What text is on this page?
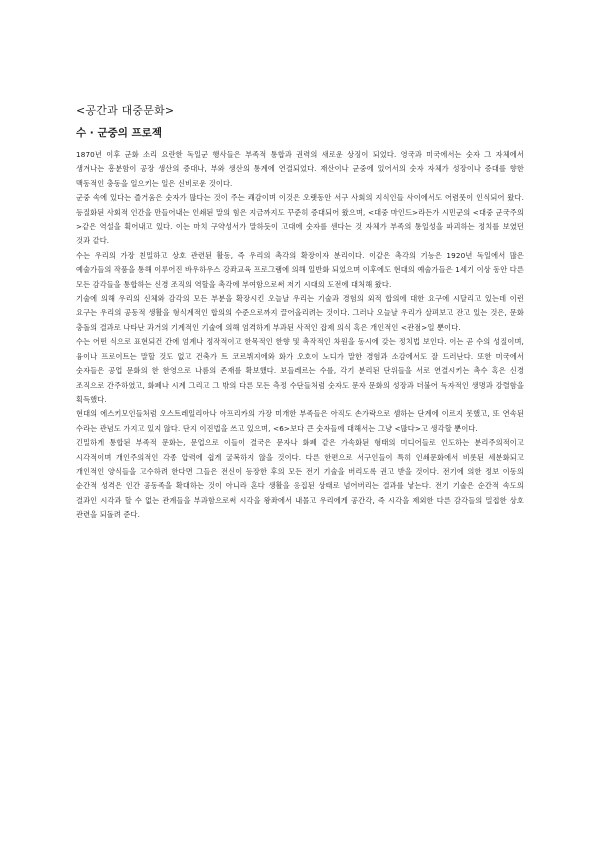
<공간과 대중문화>
수 · 군중의 프로젝

1870년 이후 군화 소리 요란한 독일군 행사들은 부족적 통합과 권력의 새로운 상징이 되었다. 영국과 미국에서는 숫자 그 자체에서 생겨나는 흥분함이 공장 생산의 증대나, 부와 생산의 통계에 연결되었다. 재산이나 군중에 있어서의 숫자 자체가 성장이나 증대를 향한 맥동적인 충동을 일으키는 일은 신비로운 것이다.

군중 속에 있다는 즐거움은 숫자가 많다는 것이 주는 쾌감이며 이것은 오랫동안 서구 사회의 지식인들 사이에서도 어렴풋이 인식되어 왔다. 등질화된 사회적 인간을 만들어내는 인쇄된 말의 힘은 지금까지도 꾸준히 증대되어 왔으며, <대중 마인드>라든가 시민군의 <대중 군국주의>같은 역설을 획어내고 있다. 이는 마치 구약성서가 말하듯이 고대에 숫자를 센다는 것 자체가 부족의 통일성을 파괴하는 정치를 보였던 것과 같다.

수는 우리의 가장 친밀하고 상호 관련된 활동, 즉 우리의 촉각의 확장이자 분리이다. 이같은 촉각의 기능은 1920년 독일에서 많은 예술가들의 작품을 통해 이루어진 바우하우스 강좌교육 프로그램에 의해 일반화 되었으며 이후에도 현대의 예술가들은 1세기 이상 동안 다른 모든 감각들을 통합하는 신경 조직의 역할을 촉각에 부여함으로써 저기 시대의 도전에 대처해 왔다.

기술에 의해 우리의 신체와 감각의 모든 부분을 확장시킨 오늘날 우리는 기술과 경험의 외적 합의에 대한 요구에 시달리고 있는데 이런 요구는 우리의 공동적 생활을 형식계적인 합의의 수준으로까지 끌어올리려는 것이다. 그러나 오늘날 우리가 살펴보고 잔고 있는 것은, 문화 충돌의 결과로 나타난 과거의 기계적인 기술에 의해 엄격하게 부과된 사적인 잡제 의식 혹은 개인적인 <관점>일 뿐이다.

수는 어떤 식으로 표현되건 간에 엄계나 정작적이고 한목적인 한향 및 촉작적인 차원을 동시에 갖는 정치법 보인다. 이는 곧 수의 성질이며, 융이나 프로이트는 말할 것도 없고 건축가 트 코르뷔지에와 화가 오호이 노디가 말한 경험과 소감에서도 잘 드러난다. 또한 미국에서 숫자들은 공업 문화의 한 한영으로 나름의 존재를 확보했다. 보들레르는 수를, 각기 분리된 단위들을 서로 연결시키는 촉수 혹은 신경 조직으로 간주하였고, 화폐나 시계 그리고 그 밖의 다른 모든 측정 수단들처럼 숫자도 문자 문화의 성장과 더불어 독자적인 생명과 강렬함을 획득했다.

현대의 에스키모인들처럼 오스트레일리아나 아프리카의 가장 미개한 부족들은 아직도 손가락으로 셈하는 단계에 이르지 못했고, 또 연속된 수라는 관념도 가지고 있지 않다. 단지 이진법을 쓰고 있으며, <6>보다 큰 숫자들에 대해서는 그냥 <많다>고 생각할 뿐이다.

긴밀하게 통합된 부족적 문화는, 문업으로 이들이 결국은 문자나 화폐 같은 가속화된 형태의 미디어들로 인도하는 분리주의적이고 시각적이며 개인주의적인 각종 압력에 쉽게 굴복하지 않을 것이다. 다른 한편으로 서구인들이 특히 인쇄문화에서 비롯된 세분화되고 개인적인 양식들을 고수하려 한다면 그들은 전신이 등장한 후의 모든 전기 기술을 버리도록 권고 받을 것이다. 전기에 의한 정보 이동의 순간적 성격은 인간 공동족을 확대하는 것이 아니라 혼다 생활을 응집된 상태로 넘어버리는 결과를 낳는다. 전기 기술은 순간적 속도의 결과인 시각과 할 수 없는 관계들을 부과함으로써 시각을 왕좌에서 내몰고 우리에게 공간각, 즉 시각을 제외한 다른 감각들의 밀접한 상호 관련을 되돌려 준다.
